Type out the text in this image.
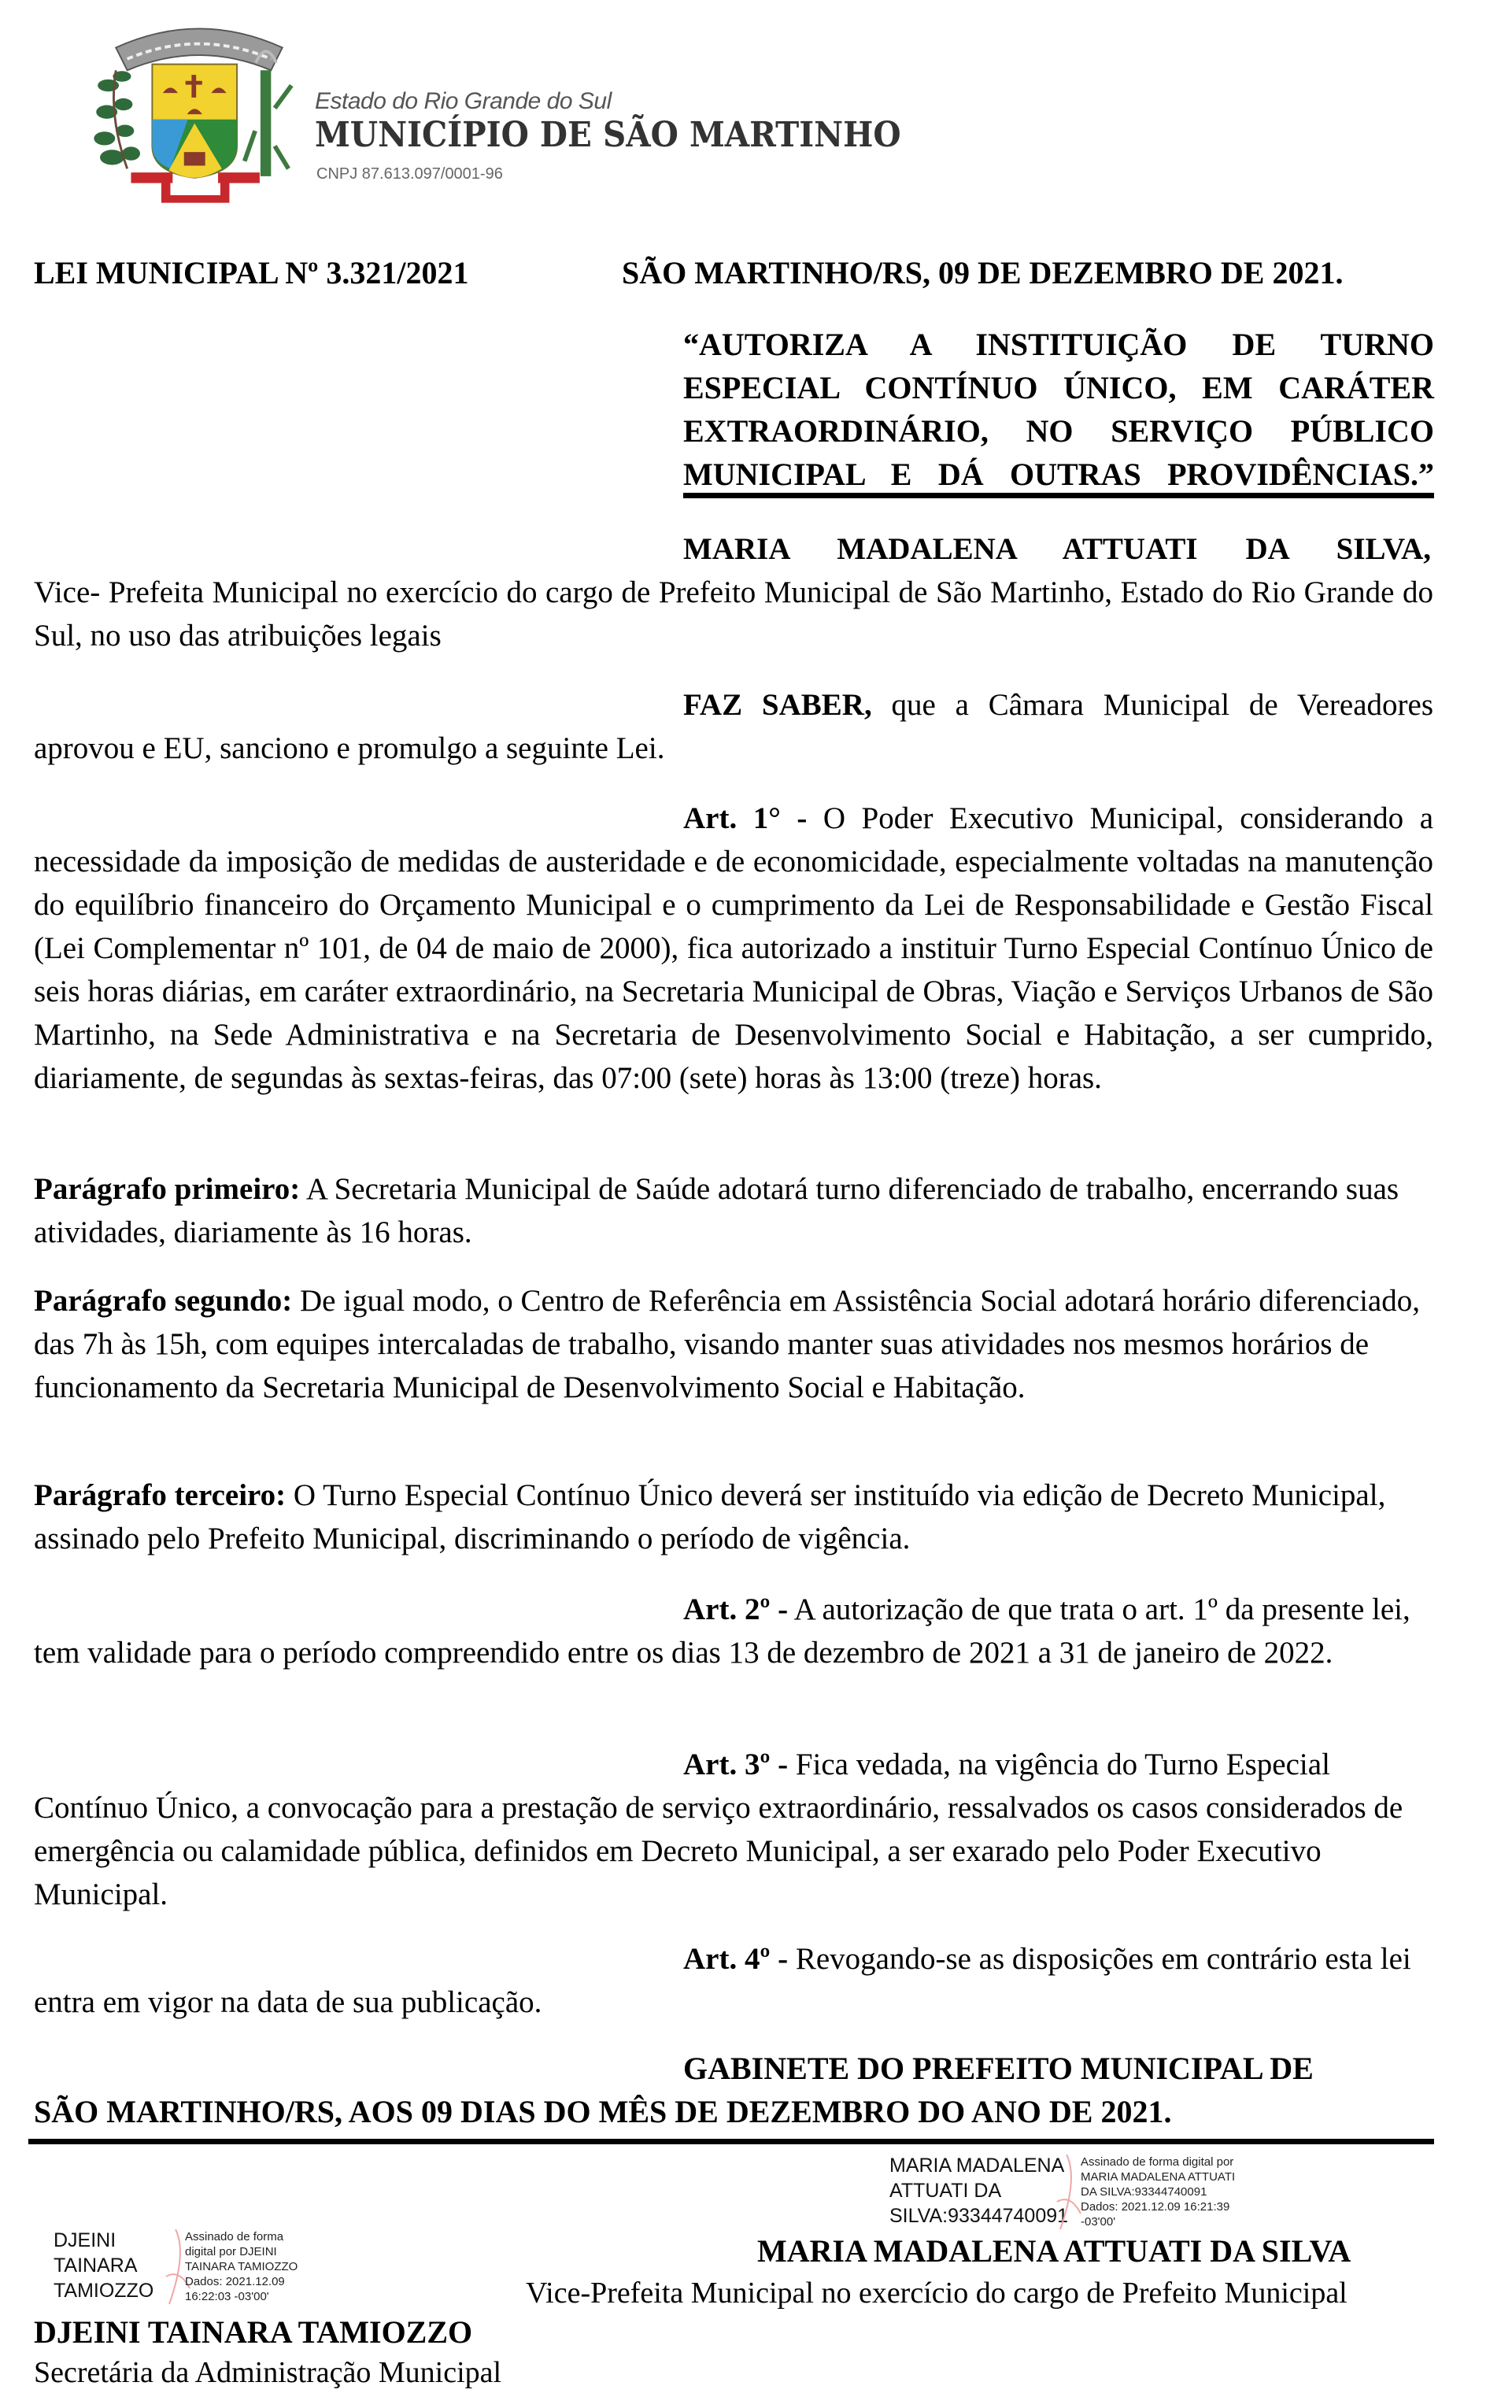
Estado do Rio Grande do Sul
MUNICÍPIO DE SÃO MARTINHO
CNPJ 87.613.097/0001-96
LEI MUNICIPAL Nº 3.321/2021	SÃO MARTINHO/RS, 09 DE DEZEMBRO DE 2021.
“AUTORIZA A INSTITUIÇÃO DE TURNO
ESPECIAL CONTÍNUO ÚNICO, EM CARÁTER
EXTRAORDINÁRIO, NO SERVIÇO PÚBLICO
MUNICIPAL E DÁ OUTRAS PROVIDÊNCIAS.”
MARIA MADALENA ATTUATI DA SILVA, Vice- Prefeita Municipal no exercício do cargo de Prefeito Municipal de São Martinho, Estado do Rio Grande do Sul, no uso das atribuições legais
FAZ SABER, que a Câmara Municipal de Vereadores aprovou e EU, sanciono e promulgo a seguinte Lei.
Art. 1° - O Poder Executivo Municipal, considerando a necessidade da imposição de medidas de austeridade e de economicidade, especialmente voltadas na manutenção do equilíbrio financeiro do Orçamento Municipal e o cumprimento da Lei de Responsabilidade e Gestão Fiscal (Lei Complementar nº 101, de 04 de maio de 2000), fica autorizado a instituir Turno Especial Contínuo Único de seis horas diárias, em caráter extraordinário, na Secretaria Municipal de Obras, Viação e Serviços Urbanos de São Martinho, na Sede Administrativa e na Secretaria de Desenvolvimento Social e Habitação, a ser cumprido, diariamente, de segundas às sextas-feiras, das 07:00 (sete) horas às 13:00 (treze) horas.
Parágrafo primeiro: A Secretaria Municipal de Saúde adotará turno diferenciado de trabalho, encerrando suas atividades, diariamente às 16 horas.
Parágrafo segundo: De igual modo, o Centro de Referência em Assistência Social adotará horário diferenciado, das 7h às 15h, com equipes intercaladas de trabalho, visando manter suas atividades nos mesmos horários de funcionamento da Secretaria Municipal de Desenvolvimento Social e Habitação.
Parágrafo terceiro: O Turno Especial Contínuo Único deverá ser instituído via edição de Decreto Municipal, assinado pelo Prefeito Municipal, discriminando o período de vigência.
Art. 2º - A autorização de que trata o art. 1º da presente lei, tem validade para o período compreendido entre os dias 13 de dezembro de 2021 a 31 de janeiro de 2022.
Art. 3º - Fica vedada, na vigência do Turno Especial Contínuo Único, a convocação para a prestação de serviço extraordinário, ressalvados os casos considerados de emergência ou calamidade pública, definidos em Decreto Municipal, a ser exarado pelo Poder Executivo Municipal.
Art. 4º - Revogando-se as disposições em contrário esta lei entra em vigor na data de sua publicação.
GABINETE DO PREFEITO MUNICIPAL DE
SÃO MARTINHO/RS, AOS 09 DIAS DO MÊS DE DEZEMBRO DO ANO DE 2021.
MARIA MADALENA
ATTUATI DA
SILVA:93344740091
Assinado de forma digital por
MARIA MADALENA ATTUATI
DA SILVA:93344740091
Dados: 2021.12.09 16:21:39
-03'00'
MARIA MADALENA ATTUATI DA SILVA
Vice-Prefeita Municipal no exercício do cargo de Prefeito Municipal
DJEINI
TAINARA
TAMIOZZO
Assinado de forma
digital por DJEINI
TAINARA TAMIOZZO
Dados: 2021.12.09
16:22:03 -03'00'
DJEINI TAINARA TAMIOZZO
Secretária da Administração Municipal
